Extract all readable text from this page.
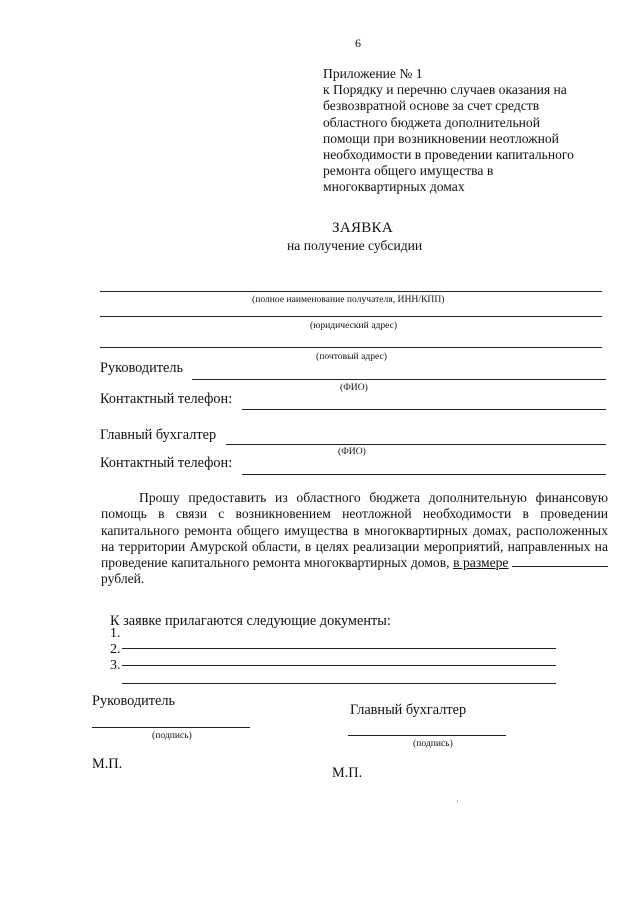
6
Приложение № 1
к Порядку и перечню случаев оказания на
безвозвратной основе за счет средств
областного бюджета дополнительной
помощи при возникновении неотложной
необходимости в проведении капитального
ремонта общего имущества в
многоквартирных домах
ЗАЯВКА
на получение субсидии
(полное наименование получателя, ИНН/КПП)
(юридический адрес)
(почтовый адрес)
Руководитель
(ФИО)
Контактный телефон:
Главный бухгалтер
(ФИО)
Контактный телефон:
Прошу предоставить из областного бюджета дополнительную финансовую помощь в связи с возникновением неотложной необходимости в проведении капитального ремонта общего имущества в многоквартирных домах, расположенных на территории Амурской области, в целях реализации мероприятий, направленных на проведение капитального ремонта многоквартирных домов, в размере  рублей.
К заявке прилагаются следующие документы:
1.
2.
3.
Руководитель
(подпись)
Главный бухгалтер
(подпись)
М.П.
М.П.
·
